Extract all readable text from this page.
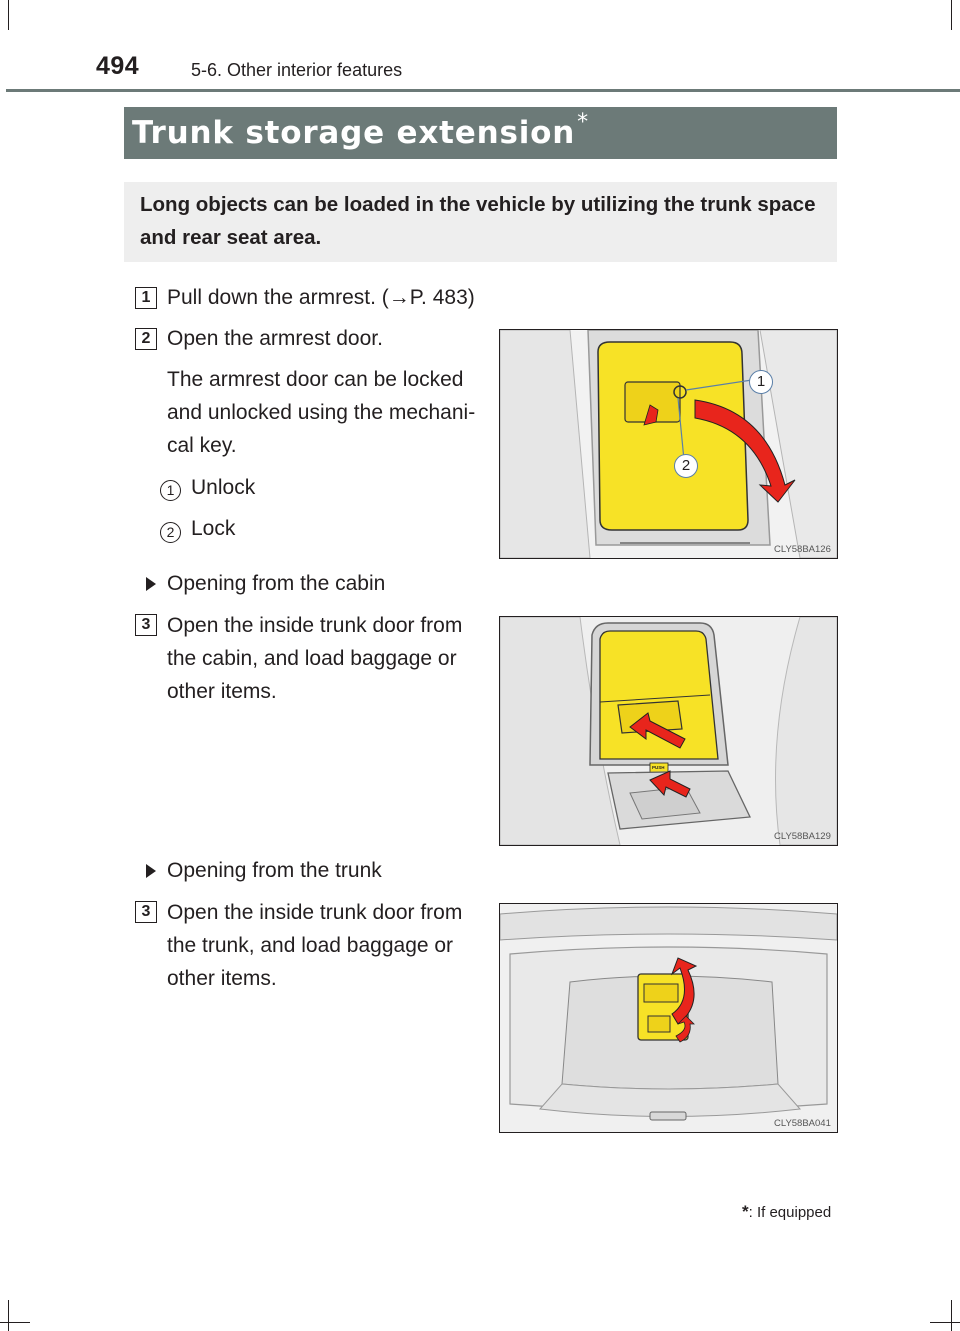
494	5-6. Other interior features
Trunk storage extension*
Long objects can be loaded in the vehicle by utilizing the trunk space and rear seat area.
1 Pull down the armrest. (→P. 483)
2 Open the armrest door.
The armrest door can be locked
and unlocked using the mechani-
cal key.
1 Unlock
2 Lock
1
2
CLY58BA126
Opening from the cabin
3 Open the inside trunk door from
the cabin, and load baggage or
other items.
PUSH
CLY58BA129
Opening from the trunk
3 Open the inside trunk door from
the trunk, and load baggage or
other items.
CLY58BA041
*: If equipped
